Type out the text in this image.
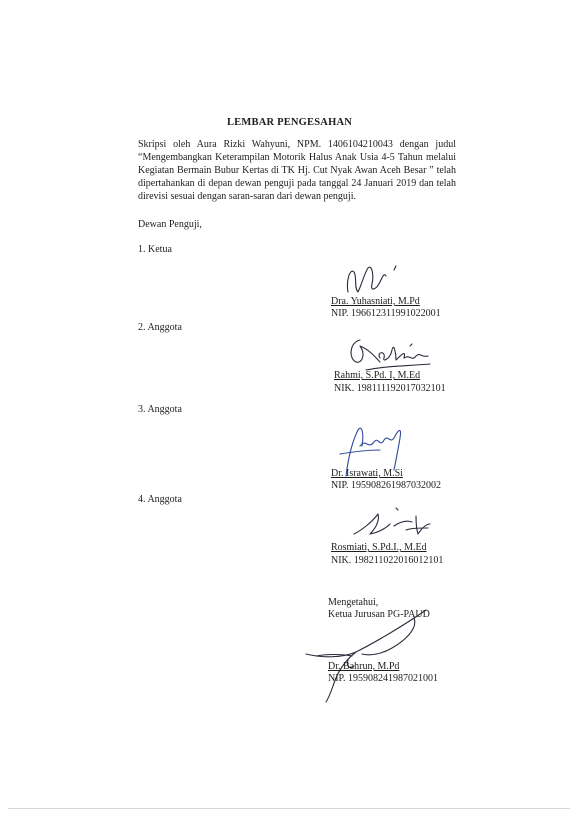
LEMBAR PENGESAHAN
Skripsi oleh Aura Rizki Wahyuni, NPM. 1406104210043 dengan judul
“Mengembangkan Keterampilan Motorik Halus Anak Usia 4-5 Tahun melalui
Kegiatan Bermain Bubur Kertas di TK Hj. Cut Nyak Awan Aceh Besar ” telah
dipertahankan di depan dewan penguji pada tanggal 24 Januari 2019 dan telah
direvisi sesuai dengan saran-saran dari dewan penguji.
Dewan Penguji,
1. Ketua
Dra. Yuhasniati, M.Pd
NIP. 196612311991022001
2. Anggota
Rahmi, S.Pd. I, M.Ed
NIK. 198111192017032101
3. Anggota
Dr. Israwati, M.Si
NIP. 195908261987032002
4. Anggota
Rosmiati, S.Pd.I., M.Ed
NIK. 198211022016012101
Mengetahui,
Ketua Jurusan PG-PAUD
Dr. Bahrun, M.Pd
NIP. 195908241987021001
